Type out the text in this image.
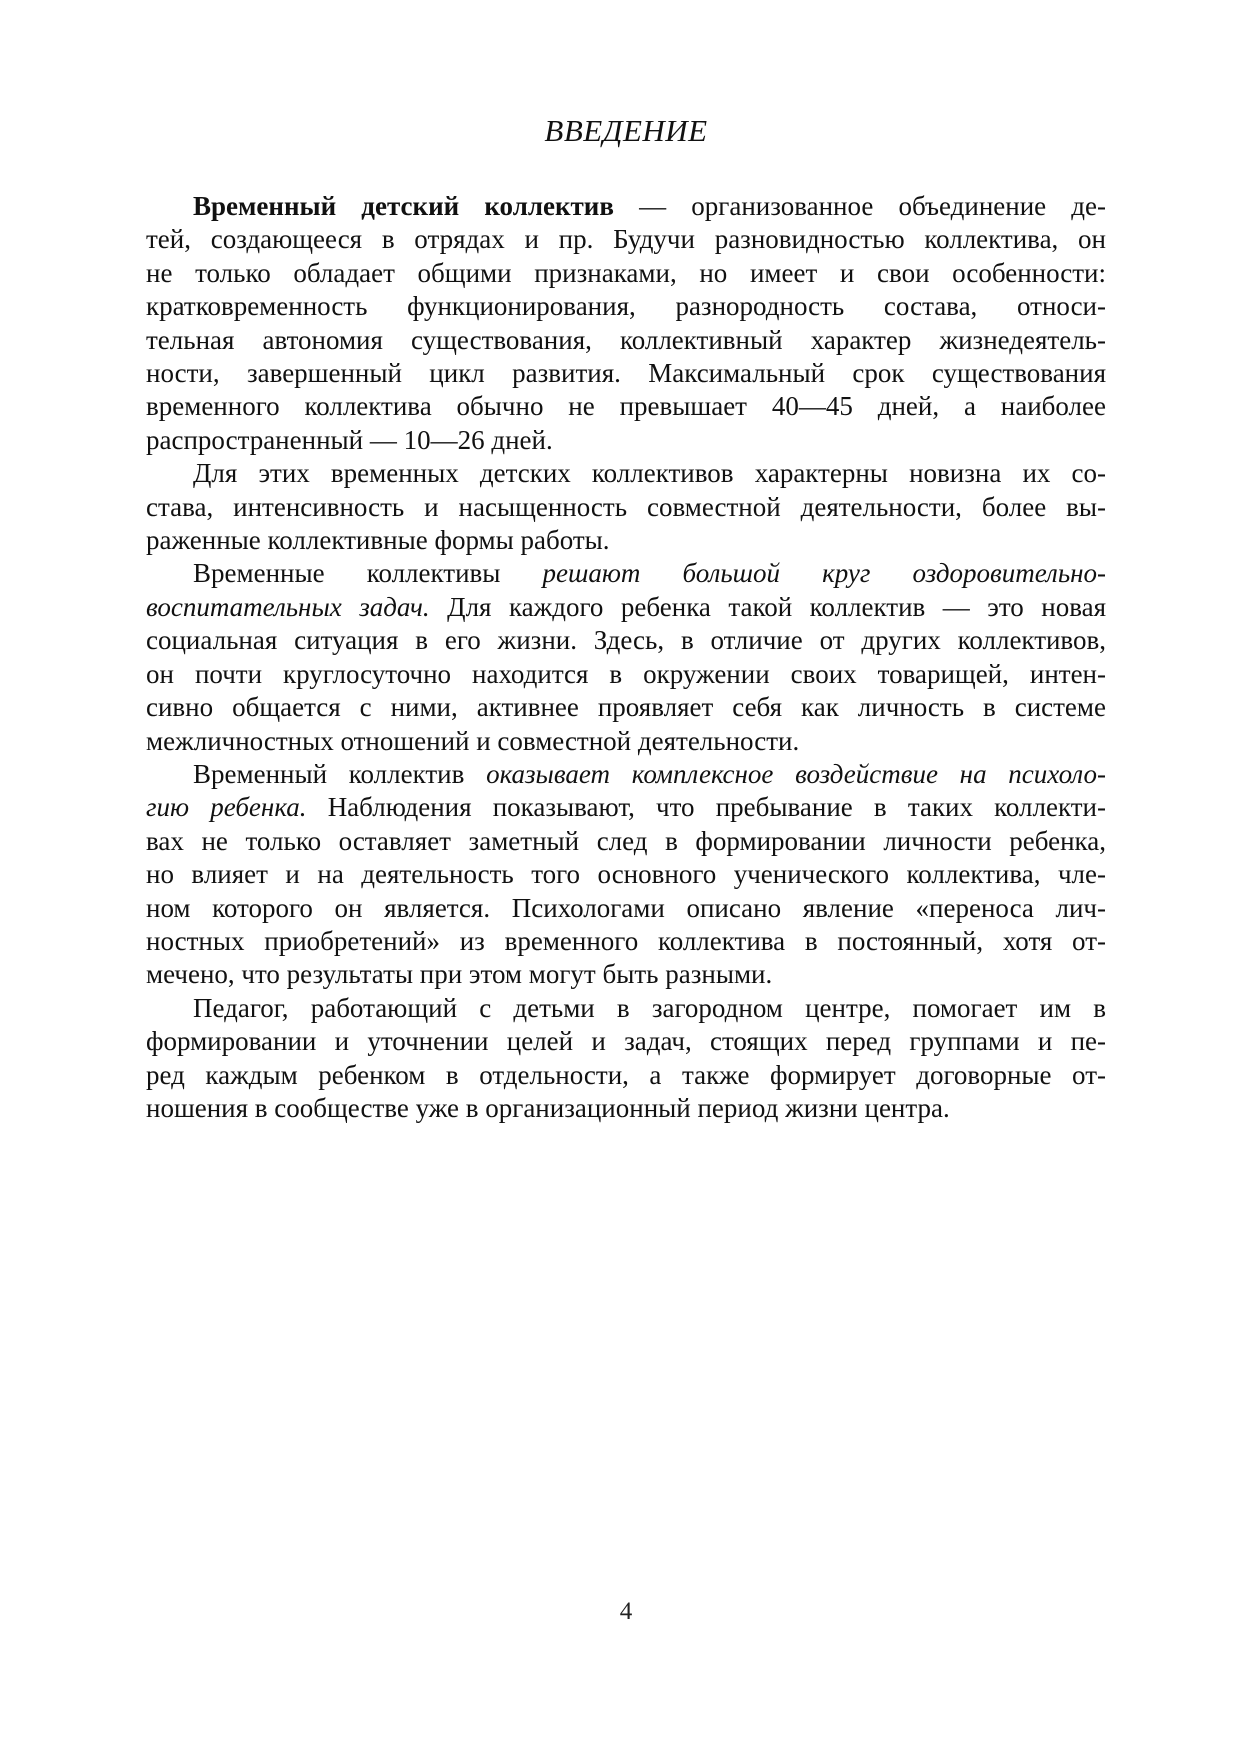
ВВЕДЕНИЕ
Временный детский коллектив — организованное объединение де-
тей, создающееся в отрядах и пр. Будучи разновидностью коллектива, он
не только обладает общими признаками, но имеет и свои особенности:
кратковременность функционирования, разнородность состава, относи-
тельная автономия существования, коллективный характер жизнедеятель-
ности, завершенный цикл развития. Максимальный срок существования
временного коллектива обычно не превышает 40—45 дней, а наиболее
распространенный — 10—26 дней.
Для этих временных детских коллективов характерны новизна их со-
става, интенсивность и насыщенность совместной деятельности, более вы-
раженные коллективные формы работы.
Временные коллективы решают большой круг оздоровительно-
воспитательных задач. Для каждого ребенка такой коллектив — это новая
социальная ситуация в его жизни. Здесь, в отличие от других коллективов,
он почти круглосуточно находится в окружении своих товарищей, интен-
сивно общается с ними, активнее проявляет себя как личность в системе
межличностных отношений и совместной деятельности.
Временный коллектив оказывает комплексное воздействие на психоло-
гию ребенка. Наблюдения показывают, что пребывание в таких коллекти-
вах не только оставляет заметный след в формировании личности ребенка,
но влияет и на деятельность того основного ученического коллектива, чле-
ном которого он является. Психологами описано явление «переноса лич-
ностных приобретений» из временного коллектива в постоянный, хотя от-
мечено, что результаты при этом могут быть разными.
Педагог, работающий с детьми в загородном центре, помогает им в
формировании и уточнении целей и задач, стоящих перед группами и пе-
ред каждым ребенком в отдельности, а также формирует договорные от-
ношения в сообществе уже в организационный период жизни центра.
4
